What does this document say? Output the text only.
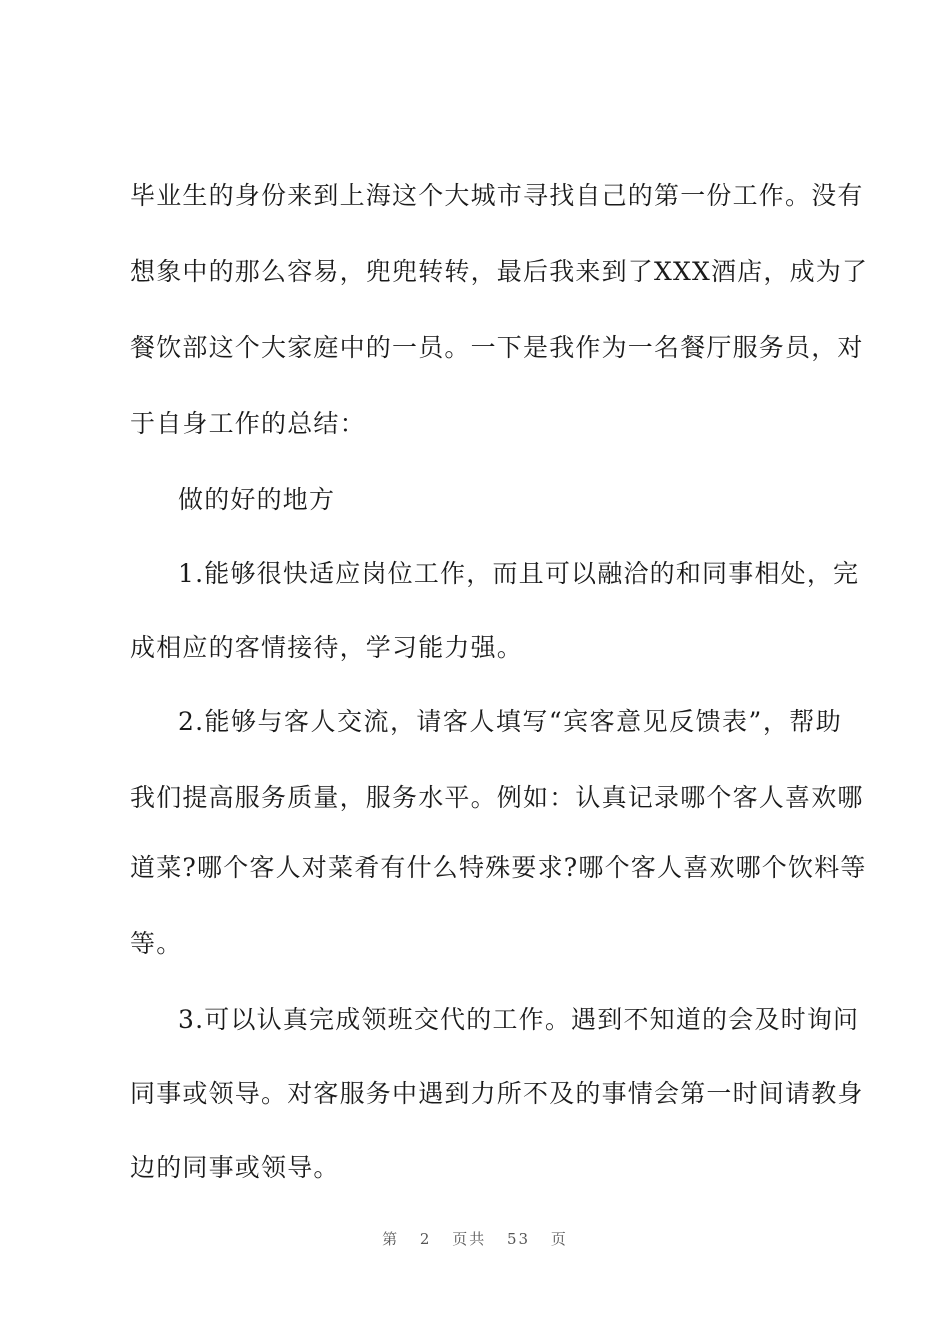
毕业生的身份来到上海这个大城市寻找自己的第一份工作。没有
想象中的那么容易，兜兜转转，最后我来到了XXX酒店，成为了
餐饮部这个大家庭中的一员。一下是我作为一名餐厅服务员，对
于自身工作的总结：
做的好的地方
1.能够很快适应岗位工作，而且可以融洽的和同事相处，完
成相应的客情接待，学习能力强。
2.能够与客人交流，请客人填写“宾客意见反馈表”，帮助
我们提高服务质量，服务水平。例如：认真记录哪个客人喜欢哪
道菜?哪个客人对菜肴有什么特殊要求?哪个客人喜欢哪个饮料等
等。
3.可以认真完成领班交代的工作。遇到不知道的会及时询问
同事或领导。对客服务中遇到力所不及的事情会第一时间请教身
边的同事或领导。
第 2 页共 53 页
